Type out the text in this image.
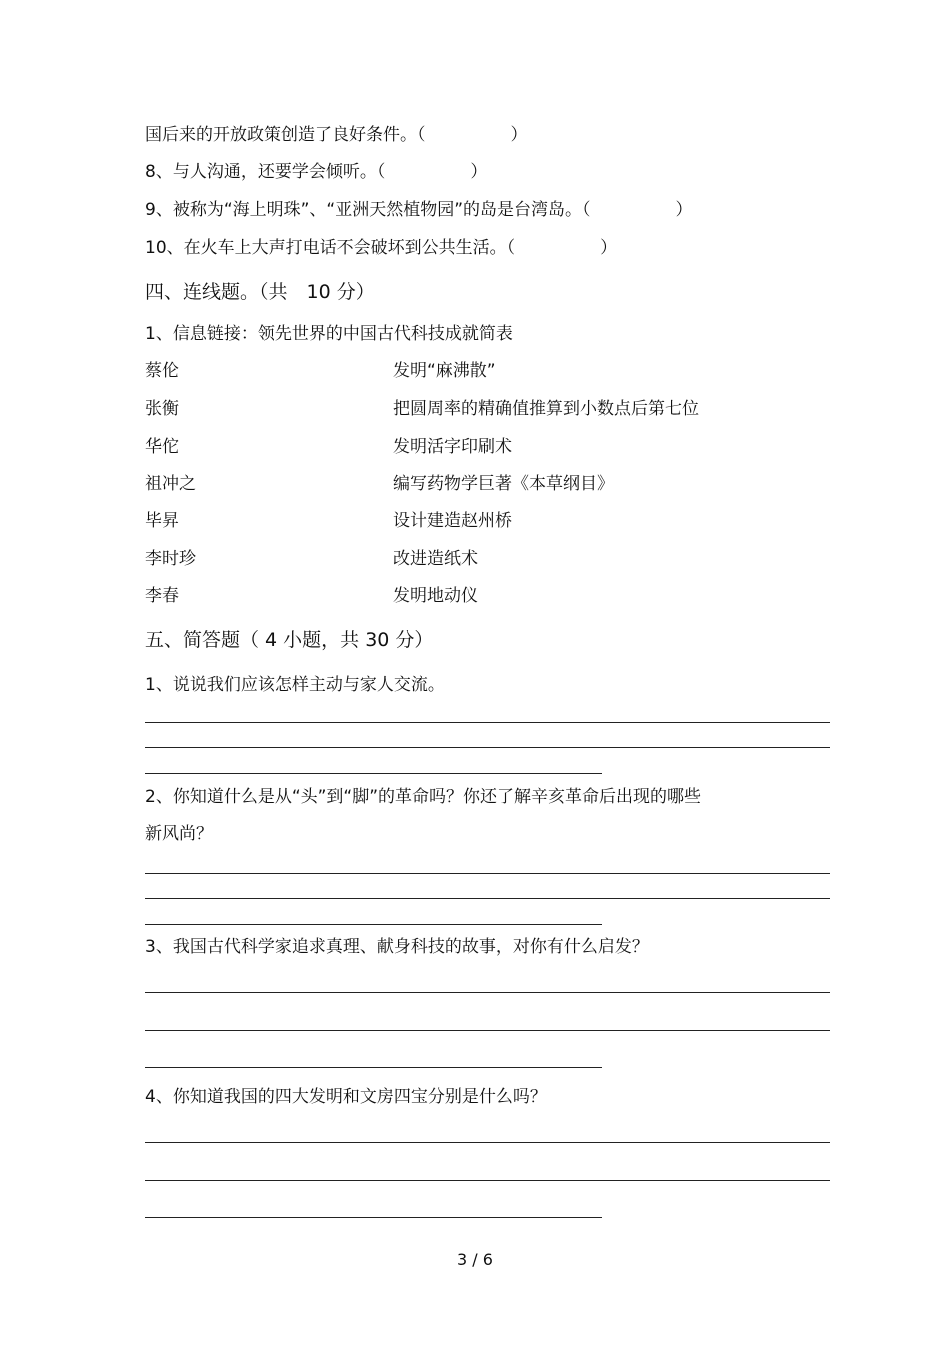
国后来的开放政策创造了良好条件。（　　　　　）
8、与人沟通，还要学会倾听。（　　　　　）
9、被称为“海上明珠”、“亚洲天然植物园”的岛是台湾岛。（　　　　　）
10、在火车上大声打电话不会破坏到公共生活。（　　　　　）
四、连线题。（共　10 分）
1、信息链接：领先世界的中国古代科技成就简表
蔡伦	发明“麻沸散”
张衡	把圆周率的精确值推算到小数点后第七位
华佗	发明活字印刷术
祖冲之	编写药物学巨著《本草纲目》
毕昇	设计建造赵州桥
李时珍	改进造纸术
李春	发明地动仪
五、简答题（ 4 小题，共 30 分）
1、说说我们应该怎样主动与家人交流。
2、你知道什么是从“头”到“脚”的革命吗？你还了解辛亥革命后出现的哪些
新风尚？
3、我国古代科学家追求真理、献身科技的故事，对你有什么启发？
4、你知道我国的四大发明和文房四宝分别是什么吗？
3 / 6
